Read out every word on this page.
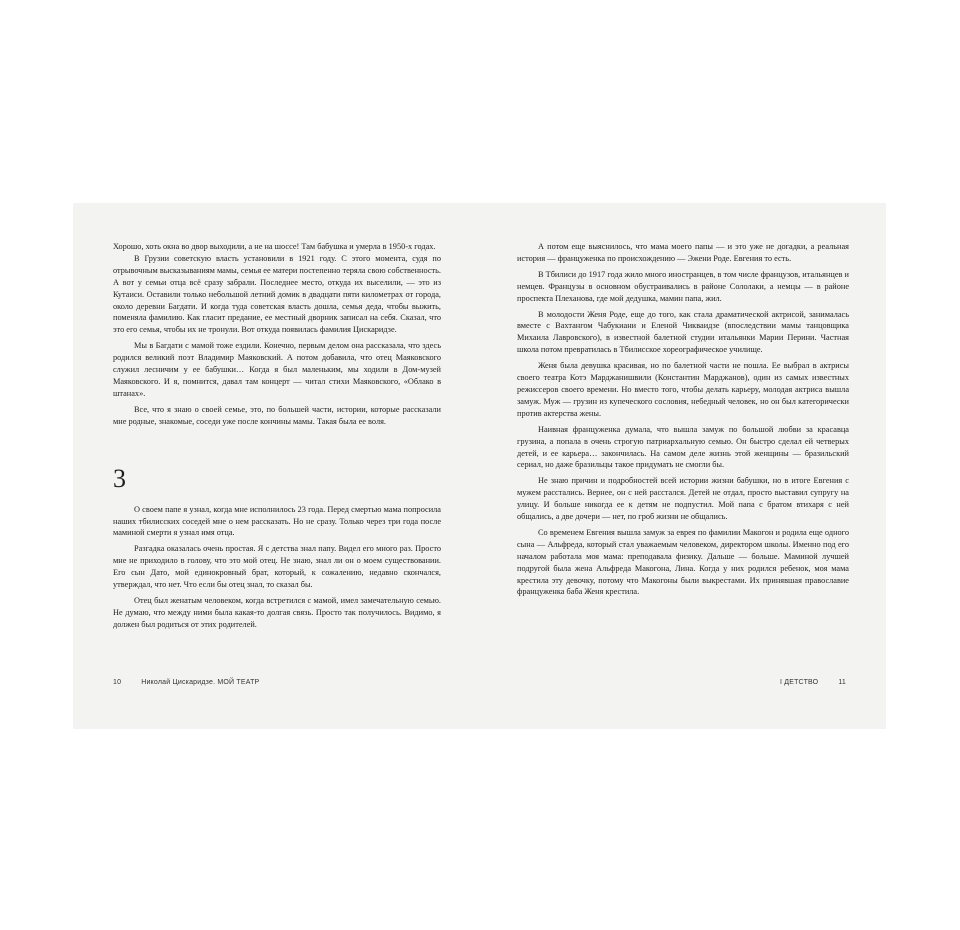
Хорошо, хоть окна во двор выходили, а не на шоссе! Там бабушка и умерла в 1950-х годах.

В Грузии советскую власть установили в 1921 году. С этого момента, судя по отрывочным высказываниям мамы, семья ее матери постепенно теряла свою собственность. А вот у семьи отца всё сразу забрали. Последнее место, откуда их выселили, — это из Кутаиси. Оставили только небольшой летний домик в двадцати пяти километрах от города, около деревни Багдати. И когда туда советская власть дошла, семья деда, чтобы выжить, поменяла фамилию. Как гласит предание, ее местный дворник записал на себя. Сказал, что это его семья, чтобы их не тронули. Вот откуда появилась фамилия Цискаридзе.

Мы в Багдати с мамой тоже ездили. Конечно, первым делом она рассказала, что здесь родился великий поэт Владимир Маяковский. А потом добавила, что отец Маяковского служил лесничим у ее бабушки… Когда я был маленьким, мы ходили в Дом-музей Маяковского. И я, помнится, давал там концерт — читал стихи Маяковского, «Облако в штанах».

Все, что я знаю о своей семье, это, по большей части, истории, которые рассказали мне родные, знакомые, соседи уже после кончины мамы. Такая была ее воля.

3

О своем папе я узнал, когда мне исполнилось 23 года. Перед смертью мама попросила наших тбилисских соседей мне о нем рассказать. Но не сразу. Только через три года после маминой смерти я узнал имя отца.

Разгадка оказалась очень простая. Я с детства знал папу. Видел его много раз. Просто мне не приходило в голову, что это мой отец. Не знаю, знал ли он о моем существовании. Его сын Дато, мой единокровный брат, который, к сожалению, недавно скончался, утверждал, что нет. Что если бы отец знал, то сказал бы.

Отец был женатым человеком, когда встретился с мамой, имел замечательную семью. Не думаю, что между ними была какая-то долгая связь. Просто так получилось. Видимо, я должен был родиться от этих родителей.

10	Николай Цискаридзе. МОЙ ТЕАТР

А потом еще выяснилось, что мама моего папы — и это уже не догадки, а реальная история — француженка по происхождению — Эжени Роде. Евгения то есть.

В Тбилиси до 1917 года жило много иностранцев, в том числе французов, итальянцев и немцев. Французы в основном обустраивались в районе Сололаки, а немцы — в районе проспекта Плеханова, где мой дедушка, мамин папа, жил.

В молодости Женя Роде, еще до того, как стала драматической актрисой, занималась вместе с Вахтангом Чабукиани и Еленой Чикваидзе (впоследствии мамы танцовщика Михаила Лавровского), в известной балетной студии итальянки Марии Перини. Частная школа потом превратилась в Тбилисское хореографическое училище.

Женя была девушка красивая, но по балетной части не пошла. Ее выбрал в актрисы своего театра Котэ Марджанишвили (Константин Марджанов), один из самых известных режиссеров своего времени. Но вместо того, чтобы делать карьеру, молодая актриса вышла замуж. Муж — грузин из купеческого сословия, небедный человек, но он был категорически против актерства жены.

Наивная француженка думала, что вышла замуж по большой любви за красавца грузина, а попала в очень строгую патриархальную семью. Он быстро сделал ей четверых детей, и ее карьера… закончилась. На самом деле жизнь этой женщины — бразильский сериал, но даже бразильцы такое придумать не смогли бы.

Не знаю причин и подробностей всей истории жизни бабушки, но в итоге Евгения с мужем расстались. Вернее, он с ней расстался. Детей не отдал, просто выставил супругу на улицу. И больше никогда ее к детям не подпустил. Мой папа с братом втихаря с ней общались, а две дочери — нет, по гроб жизни не общались.

Со временем Евгения вышла замуж за еврея по фамилии Макогон и родила еще одного сына — Альфреда, который стал уважаемым человеком, директором школы. Именно под его началом работала моя мама: преподавала физику. Дальше — больше. Маминой лучшей подругой была жена Альфреда Макогона, Лина. Когда у них родился ребенок, моя мама крестила эту девочку, потому что Макогоны были выкрестами. Их принявшая православие француженка баба Женя крестила.

I ДЕТСТВО	11
